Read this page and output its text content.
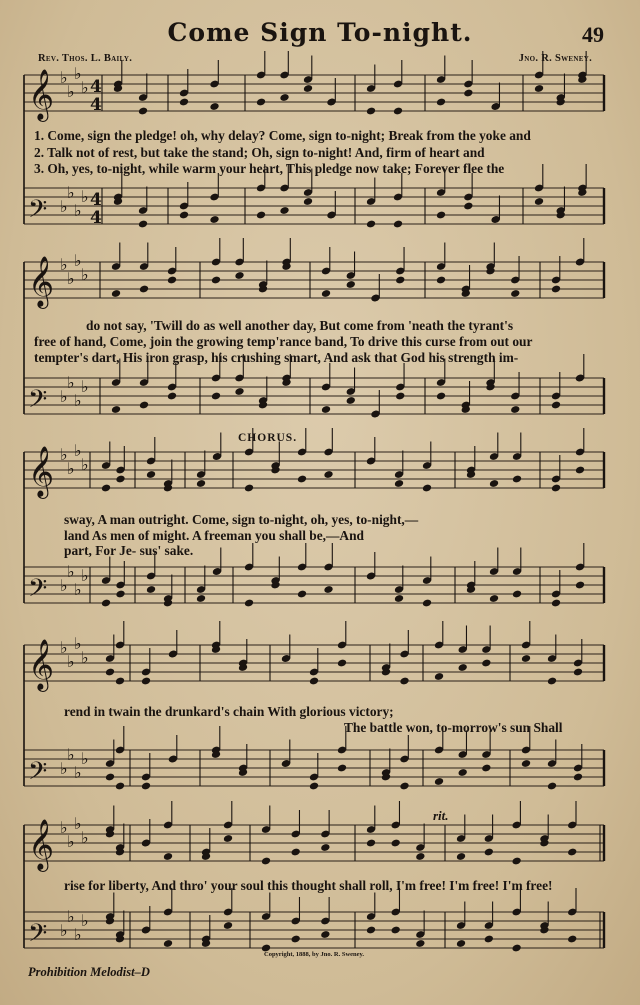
𝄞 ♭
♭
♭
♭ 4
4
𝄢 ♭
♭
♭
♭ 4
4
𝄞 ♭
♭
♭
♭
𝄢 ♭
♭
♭
♭
𝄞 ♭
♭
♭
♭
𝄢 ♭
♭
♭
♭
𝄞 ♭
♭
♭
♭
𝄢 ♭
♭
♭
♭
𝄞 ♭
♭
♭
♭
𝄢 ♭
♭
♭
♭
Come Sign To-night.	49
Rev. Thos. L. Baily.	Jno. R. Sweney.
1. Come, sign the pledge! oh, why delay? Come, sign to-night; Break from the yoke and
2. Talk not of rest, but take the stand; Oh, sign to-night! And, firm of heart and
3. Oh, yes, to-night, while warm your heart, This pledge now take; Forever flee the
do not say, 'Twill do as well another day, But come from 'neath the tyrant's
free of hand, Come, join the growing temp'rance band, To drive this curse from out our
tempter's dart, His iron grasp, his crushing smart, And ask that God his strength im-
CHORUS.
sway, A man outright. Come, sign to-night, oh, yes, to-night,—
land As men of might. A freeman you shall be,—And
part, For Je- sus' sake.
rend in twain the drunkard's chain With glorious victory;
The battle won, to-morrow's sun Shall
rit.
rise for liberty, And thro' your soul this thought shall roll, I'm free! I'm free! I'm free!
Copyright, 1888, by Jno. R. Sweney.
Prohibition Melodist–D
